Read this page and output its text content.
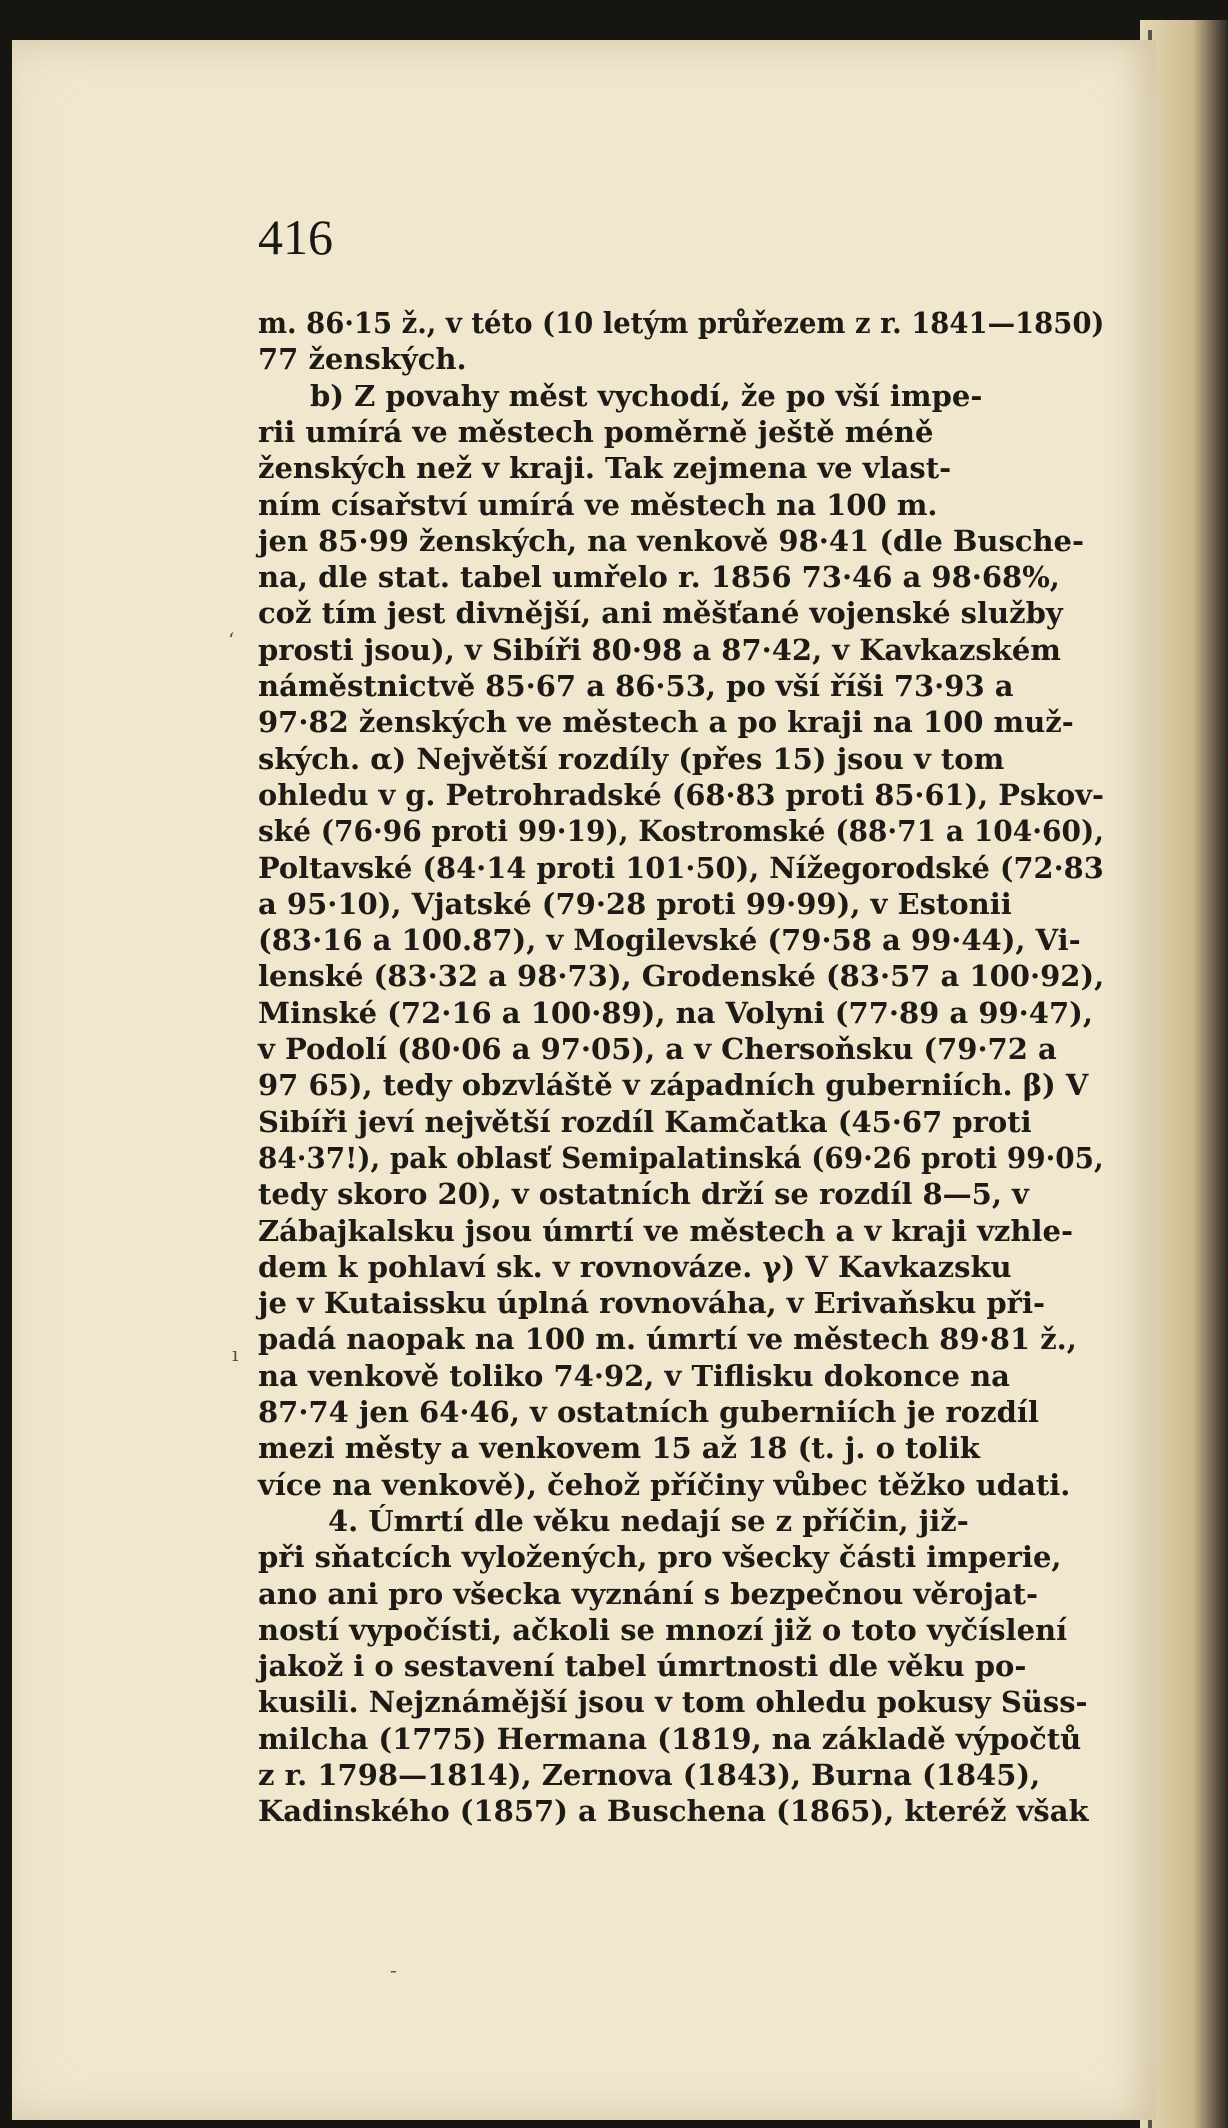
416
m. 86·15 ž., v této (10 letým průřezem z r. 1841—1850)
77 ženských.
b) Z povahy měst vychodí, že po vší impe-
rii umírá ve městech poměrně ještě méně
ženských než v kraji. Tak zejmena ve vlast-
ním císařství umírá ve městech na 100 m.
jen 85·99 ženských, na venkově 98·41 (dle Busche-
na, dle stat. tabel umřelo r. 1856 73·46 a 98·68%,
což tím jest divnější, ani měšťané vojenské služby
prosti jsou), v Sibíři 80·98 a 87·42, v Kavkazském
náměstnictvě 85·67 a 86·53, po vší říši 73·93 a
97·82 ženských ve městech a po kraji na 100 muž-
ských. α) Největší rozdíly (přes 15) jsou v tom
ohledu v g. Petrohradské (68·83 proti 85·61), Pskov-
ské (76·96 proti 99·19), Kostromské (88·71 a 104·60),
Poltavské (84·14 proti 101·50), Nížegorodské (72·83
a 95·10), Vjatské (79·28 proti 99·99), v Estonii
(83·16 a 100.87), v Mogilevské (79·58 a 99·44), Vi-
lenské (83·32 a 98·73), Grodenské (83·57 a 100·92),
Minské (72·16 a 100·89), na Volyni (77·89 a 99·47),
v Podolí (80·06 a 97·05), a v Chersoňsku (79·72 a
97 65), tedy obzvláště v západních guberniích. β) V
Sibíři jeví největší rozdíl Kamčatka (45·67 proti
84·37!), pak oblasť Semipalatinská (69·26 proti 99·05,
tedy skoro 20), v ostatních drží se rozdíl 8—5, v
Zábajkalsku jsou úmrtí ve městech a v kraji vzhle-
dem k pohlaví sk. v rovnováze. γ) V Kavkazsku
je v Kutaissku úplná rovnováha, v Erivaňsku při-
padá naopak na 100 m. úmrtí ve městech 89·81 ž.,
na venkově toliko 74·92, v Tiflisku dokonce na
87·74 jen 64·46, v ostatních guberniích je rozdíl
mezi městy a venkovem 15 až 18 (t. j. o tolik
více na venkově), čehož příčiny vůbec těžko udati.
4. Úmrtí dle věku nedají se z příčin, již-
při sňatcích vyložených, pro všecky části imperie,
ano ani pro všecka vyznání s bezpečnou věrojat-
ností vypočísti, ačkoli se mnozí již o toto vyčíslení
jakož i o sestavení tabel úmrtnosti dle věku po-
kusili. Nejznámější jsou v tom ohledu pokusy Süss-
milcha (1775) Hermana (1819, na základě výpočtů
z r. 1798—1814), Zernova (1843), Burna (1845),
Kadinského (1857) a Buschena (1865), kteréž však
ʻ
ı
-
